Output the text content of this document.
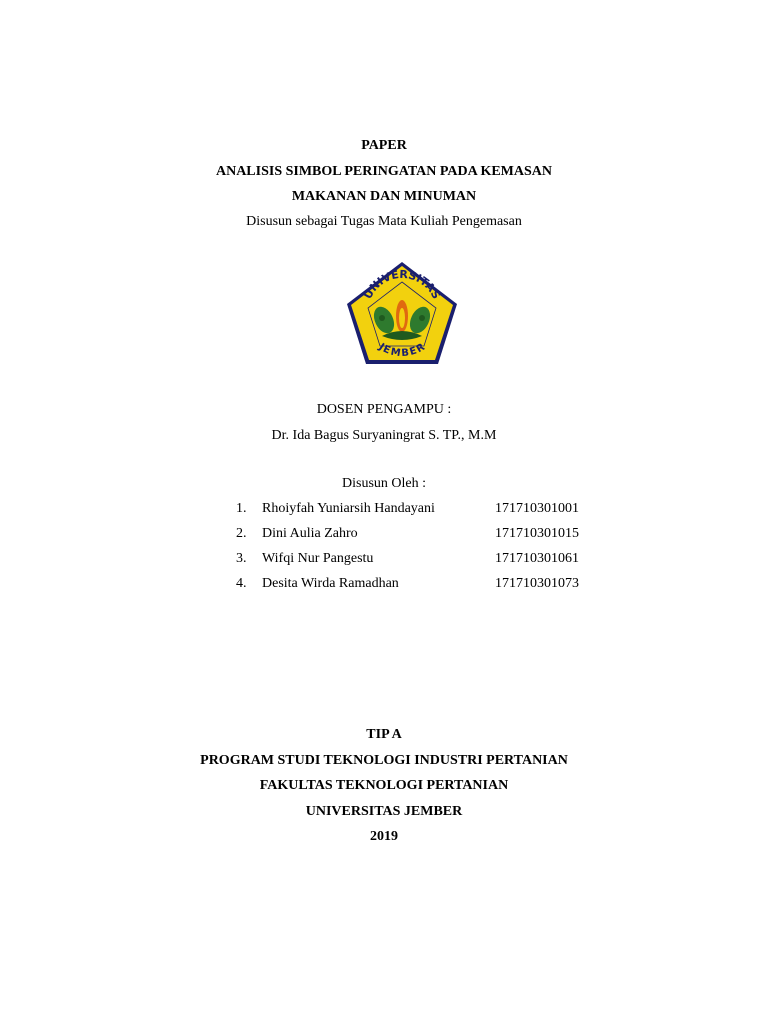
PAPER
ANALISIS SIMBOL PERINGATAN PADA KEMASAN
MAKANAN DAN MINUMAN
Disusun sebagai Tugas Mata Kuliah Pengemasan
UNIVERSITAS
JEMBER
DOSEN PENGAMPU :
Dr. Ida Bagus Suryaningrat S. TP., M.M
Disusun Oleh :
1.	Rhoiyfah Yuniarsih Handayani	171710301001
2.	Dini Aulia Zahro	171710301015
3.	Wifqi Nur Pangestu	171710301061
4.	Desita Wirda Ramadhan	171710301073
TIP A
PROGRAM STUDI TEKNOLOGI INDUSTRI PERTANIAN
FAKULTAS TEKNOLOGI PERTANIAN
UNIVERSITAS JEMBER
2019
